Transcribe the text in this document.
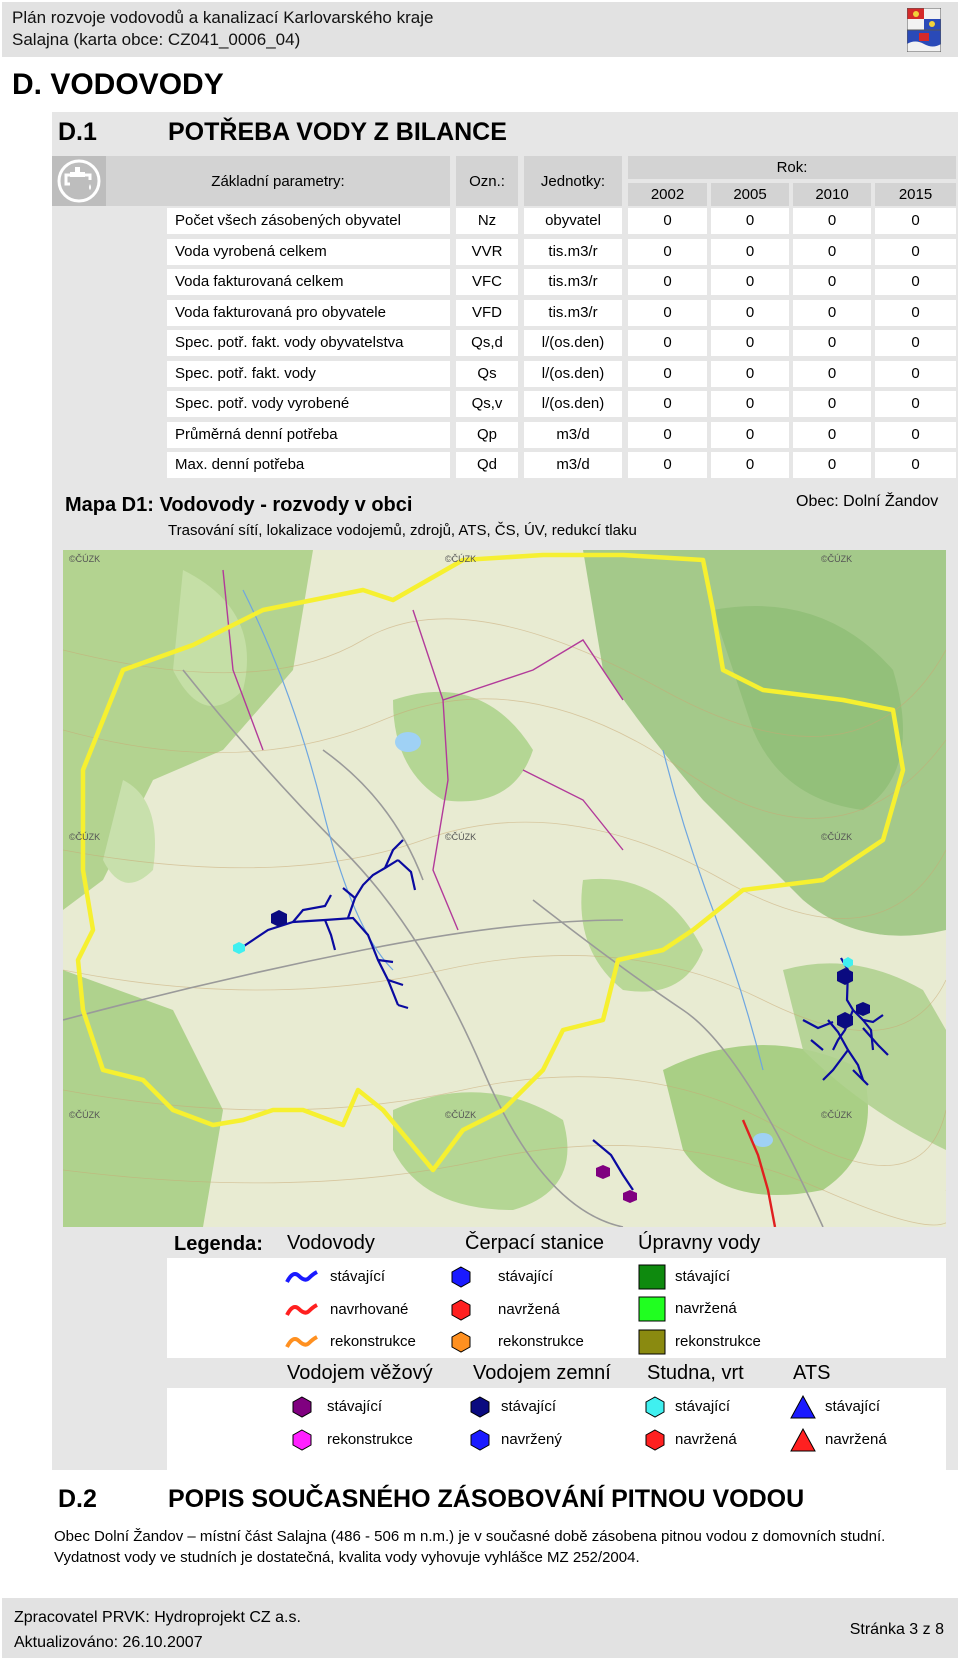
Plán rozvoje vodovodů a kanalizací Karlovarského kraje
Salajna (karta obce: CZ041_0006_04)
D. VODOVODY
D.1	POTŘEBA VODY Z BILANCE
Základní parametry:	Ozn.:	Jednotky:
Rok:
2002	2005	2010	2015
Počet všech zásobených obyvatel	Nz	obyvatel	0	0	0	0
Voda vyrobená celkem	VVR	tis.m3/r	0	0	0	0
Voda fakturovaná celkem	VFC	tis.m3/r	0	0	0	0
Voda fakturovaná pro obyvatele	VFD	tis.m3/r	0	0	0	0
Spec. potř. fakt. vody obyvatelstva	Qs,d	l/(os.den)	0	0	0	0
Spec. potř. fakt. vody	Qs	l/(os.den)	0	0	0	0
Spec. potř. vody vyrobené	Qs,v	l/(os.den)	0	0	0	0
Průměrná denní potřeba	Qp	m3/d	0	0	0	0
Max. denní potřeba	Qd	m3/d	0	0	0	0
Mapa D1: Vodovody - rozvody v obci	Obec: Dolní Žandov
Trasování sítí, lokalizace vodojemů, zdrojů, ATS, ČS, ÚV, redukcí tlaku
©ČÚZK	©ČÚZK	©ČÚZK
©ČÚZK	©ČÚZK	©ČÚZK
©ČÚZK	©ČÚZK	©ČÚZK
Legenda: Vodovody	Čerpací stanice Úpravny vody
stávající
navrhované
rekonstrukce
stávající
navržená
rekonstrukce
stávající
navržená
rekonstrukce
Vodojem věžový Vodojem zemní Studna, vrt ATS
stávající
rekonstrukce
stávající
navržený
stávající
navržená
stávající
navržená
D.2	POPIS SOUČASNÉHO ZÁSOBOVÁNÍ PITNOU VODOU

Obec Dolní Žandov – místní část Salajna (486 - 506 m n.m.) je v současné době zásobena pitnou vodou z domovních studní.

Vydatnost vody ve studních je dostatečná, kvalita vody vyhovuje vyhlášce MZ 252/2004.

Zpracovatel PRVK: Hydroprojekt CZ a.s.
Aktualizováno: 26.10.2007
Stránka 3 z 8
